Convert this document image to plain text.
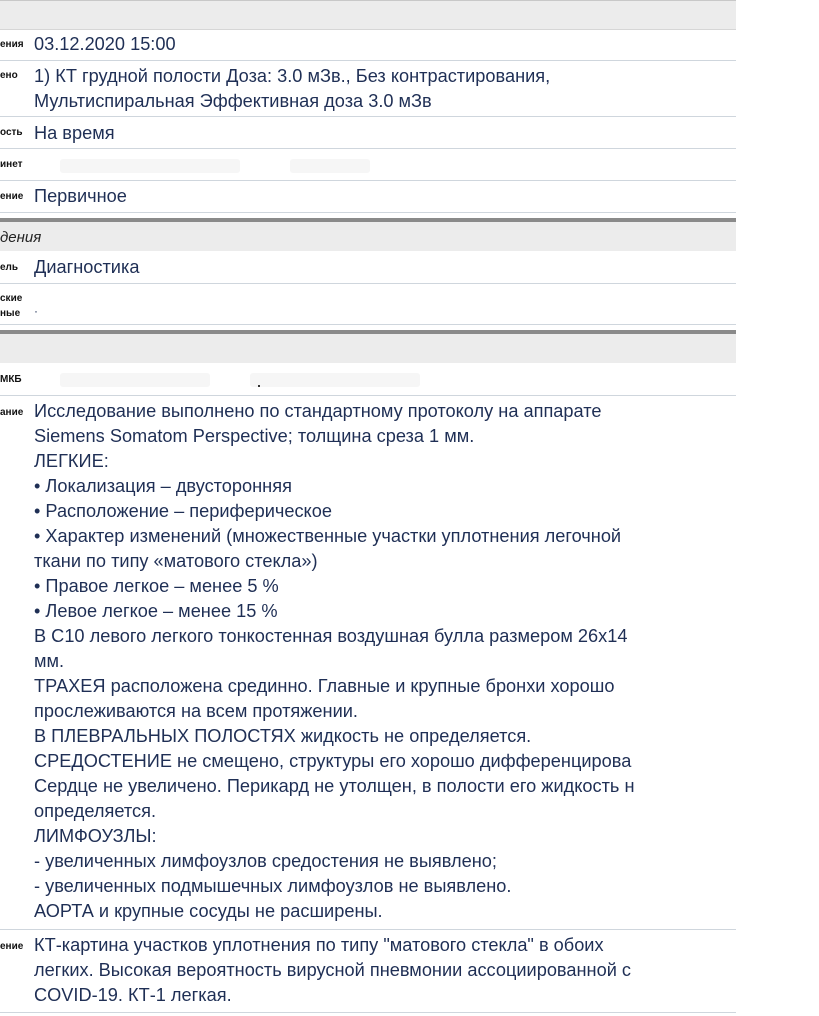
ения 03.12.2020 15:00
ено 1) КТ грудной полости Доза: 3.0 мЗв., Без контрастирования,
Мультиспиральная Эффективная доза 3.0 мЗв
ость На время
инет
ение Первичное
дения
ель Диагностика
ские
ные ·
МКБ
ание Исследование выполнено по стандартному протоколу на аппарате
Siemens Somatom Perspective; толщина среза 1 мм.
ЛЕГКИЕ:
• Локализация – двусторонняя
• Расположение – периферическое
• Характер изменений (множественные участки уплотнения легочной
ткани по типу «матового стекла»)
• Правое легкое – менее 5 %
• Левое легкое – менее 15 %
В С10 левого легкого тонкостенная воздушная булла размером 26х14
мм.
ТРАХЕЯ расположена срединно. Главные и крупные бронхи хорошо
прослеживаются на всем протяжении.
В ПЛЕВРАЛЬНЫХ ПОЛОСТЯХ жидкость не определяется.
СРЕДОСТЕНИЕ не смещено, структуры его хорошо дифференцирова
Сердце не увеличено. Перикард не утолщен, в полости его жидкость н
определяется.
ЛИМФОУЗЛЫ:
- увеличенных лимфоузлов средостения не выявлено;
- увеличенных подмышечных лимфоузлов не выявлено.
АОРТА и крупные сосуды не расширены.
ение КТ-картина участков уплотнения по типу "матового стекла" в обоих
легких. Высокая вероятность вирусной пневмонии ассоциированной с
COVID-19. КТ-1 легкая.
